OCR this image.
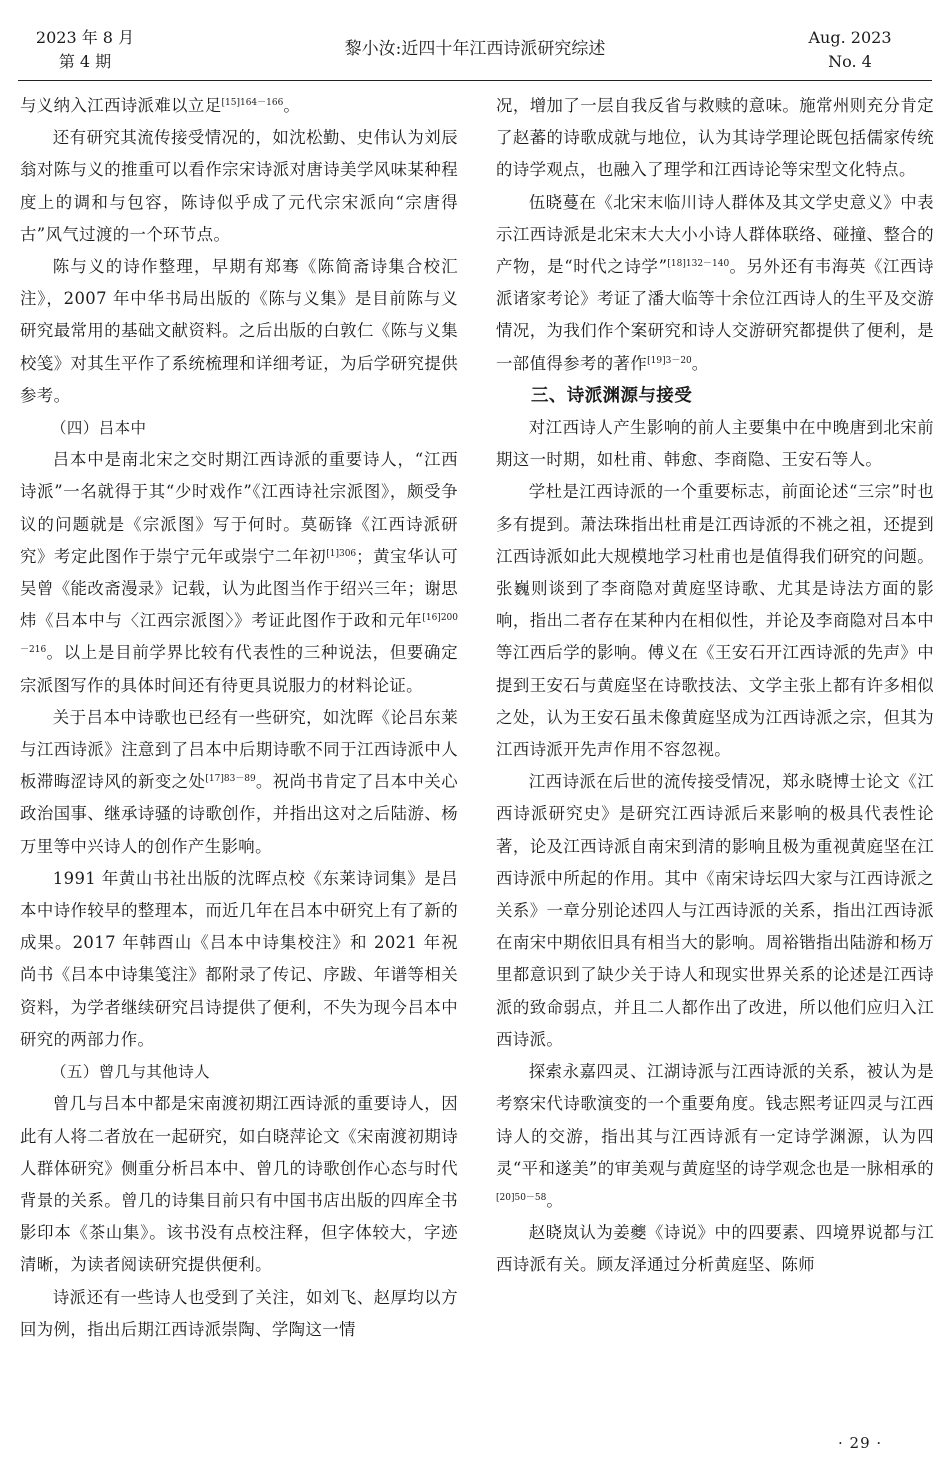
2023 年 8 月
第 4 期
黎小汝:近四十年江西诗派研究综述
Aug. 2023
No. 4

与义纳入江西诗派难以立足$^{[15]164-166}$。

还有研究其流传接受情况的，如沈松勤、史伟认为刘辰翁对陈与义的推重可以看作宗宋诗派对唐诗美学风味某种程度上的调和与包容，陈诗似乎成了元代宗宋派向“宗唐得古”风气过渡的一个环节点。

陈与义的诗作整理，早期有郑骞《陈简斋诗集合校汇注》，2007 年中华书局出版的《陈与义集》是目前陈与义研究最常用的基础文献资料。之后出版的白敦仁《陈与义集校笺》对其生平作了系统梳理和详细考证，为后学研究提供参考。

（四）吕本中

吕本中是南北宋之交时期江西诗派的重要诗人，“江西诗派”一名就得于其“少时戏作”《江西诗社宗派图》，颇受争议的问题就是《宗派图》写于何时。莫砺锋《江西诗派研究》考定此图作于崇宁元年或崇宁二年初$^{[1]306}$；黄宝华认可吴曾《能改斋漫录》记载，认为此图当作于绍兴三年；谢思炜《吕本中与〈江西宗派图〉》考证此图作于政和元年$^{[16]200-216}$。以上是目前学界比较有代表性的三种说法，但要确定宗派图写作的具体时间还有待更具说服力的材料论证。

关于吕本中诗歌也已经有一些研究，如沈晖《论吕东莱与江西诗派》注意到了吕本中后期诗歌不同于江西诗派中人板滞晦涩诗风的新变之处$^{[17]83-89}$。祝尚书肯定了吕本中关心政治国事、继承诗骚的诗歌创作，并指出这对之后陆游、杨万里等中兴诗人的创作产生影响。

1991 年黄山书社出版的沈晖点校《东莱诗词集》是吕本中诗作较早的整理本，而近几年在吕本中研究上有了新的成果。2017 年韩酉山《吕本中诗集校注》和 2021 年祝尚书《吕本中诗集笺注》都附录了传记、序跋、年谱等相关资料，为学者继续研究吕诗提供了便利，不失为现今吕本中研究的两部力作。

（五）曾几与其他诗人

曾几与吕本中都是宋南渡初期江西诗派的重要诗人，因此有人将二者放在一起研究，如白晓萍论文《宋南渡初期诗人群体研究》侧重分析吕本中、曾几的诗歌创作心态与时代背景的关系。曾几的诗集目前只有中国书店出版的四库全书影印本《茶山集》。该书没有点校注释，但字体较大，字迹清晰，为读者阅读研究提供便利。

诗派还有一些诗人也受到了关注，如刘飞、赵厚均以方回为例，指出后期江西诗派崇陶、学陶这一情

况，增加了一层自我反省与救赎的意味。施常州则充分肯定了赵蕃的诗歌成就与地位，认为其诗学理论既包括儒家传统的诗学观点，也融入了理学和江西诗论等宋型文化特点。

伍晓蔓在《北宋末临川诗人群体及其文学史意义》中表示江西诗派是北宋末大大小小诗人群体联络、碰撞、整合的产物，是“时代之诗学”$^{[18]132-140}$。另外还有韦海英《江西诗派诸家考论》考证了潘大临等十余位江西诗人的生平及交游情况，为我们作个案研究和诗人交游研究都提供了便利，是一部值得参考的著作$^{[19]3-20}$。

三、诗派渊源与接受

对江西诗人产生影响的前人主要集中在中晚唐到北宋前期这一时期，如杜甫、韩愈、李商隐、王安石等人。

学杜是江西诗派的一个重要标志，前面论述“三宗”时也多有提到。萧法珠指出杜甫是江西诗派的不祧之祖，还提到江西诗派如此大规模地学习杜甫也是值得我们研究的问题。张巍则谈到了李商隐对黄庭坚诗歌、尤其是诗法方面的影响，指出二者存在某种内在相似性，并论及李商隐对吕本中等江西后学的影响。傅义在《王安石开江西诗派的先声》中提到王安石与黄庭坚在诗歌技法、文学主张上都有许多相似之处，认为王安石虽未像黄庭坚成为江西诗派之宗，但其为江西诗派开先声作用不容忽视。

江西诗派在后世的流传接受情况，郑永晓博士论文《江西诗派研究史》是研究江西诗派后来影响的极具代表性论著，论及江西诗派自南宋到清的影响且极为重视黄庭坚在江西诗派中所起的作用。其中《南宋诗坛四大家与江西诗派之关系》一章分别论述四人与江西诗派的关系，指出江西诗派在南宋中期依旧具有相当大的影响。周裕锴指出陆游和杨万里都意识到了缺少关于诗人和现实世界关系的论述是江西诗派的致命弱点，并且二人都作出了改进，所以他们应归入江西诗派。

探索永嘉四灵、江湖诗派与江西诗派的关系，被认为是考察宋代诗歌演变的一个重要角度。钱志熙考证四灵与江西诗人的交游，指出其与江西诗派有一定诗学渊源，认为四灵“平和遂美”的审美观与黄庭坚的诗学观念也是一脉相承的$^{[20]50-58}$。

赵晓岚认为姜夔《诗说》中的四要素、四境界说都与江西诗派有关。顾友泽通过分析黄庭坚、陈师

· 29 ·
